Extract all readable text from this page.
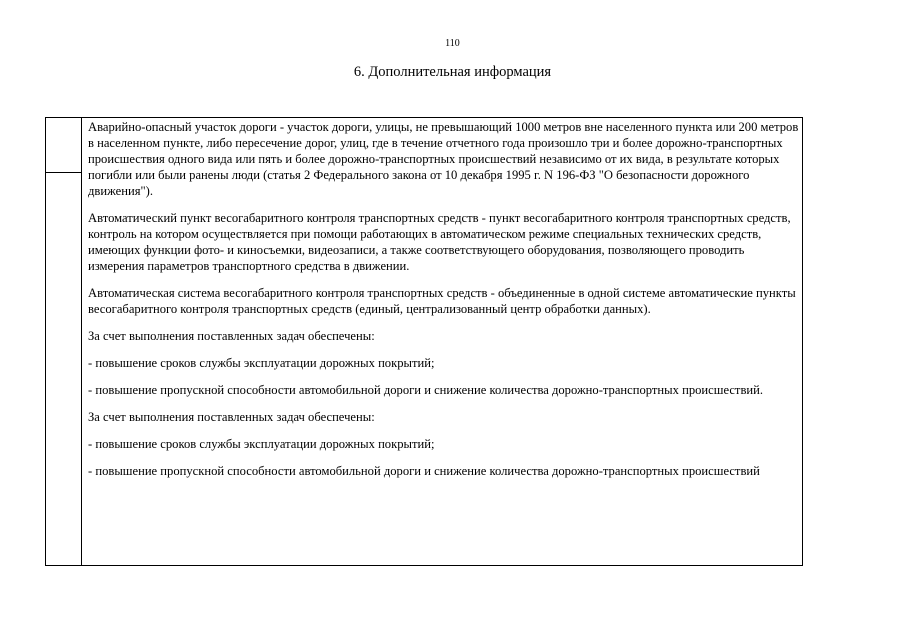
110
6. Дополнительная информация

Аварийно-опасный участок дороги - участок дороги, улицы, не превышающий 1000 метров вне населенного пункта или 200 метров в населенном пункте, либо пересечение дорог, улиц, где в течение отчетного года произошло три и более дорожно-транспортных происшествия одного вида или пять и более дорожно-транспортных происшествий независимо от их вида, в результате которых погибли или были ранены люди (статья 2 Федерального закона от 10 декабря 1995 г. N 196-ФЗ "О безопасности дорожного движения").

Автоматический пункт весогабаритного контроля транспортных средств - пункт весогабаритного контроля транспортных средств, контроль на котором осуществляется при помощи работающих в автоматическом режиме специальных технических средств, имеющих функции фото- и киносъемки, видеозаписи, а также соответствующего оборудования, позволяющего проводить измерения параметров транспортного средства в движении.

Автоматическая система весогабаритного контроля транспортных средств - объединенные в одной системе автоматические пункты весогабаритного контроля транспортных средств (единый, централизованный центр обработки данных).

За счет выполнения поставленных задач обеспечены:

- повышение сроков службы эксплуатации дорожных покрытий;

- повышение пропускной способности автомобильной дороги и снижение количества дорожно-транспортных происшествий.

За счет выполнения поставленных задач обеспечены:

- повышение сроков службы эксплуатации дорожных покрытий;

- повышение пропускной способности автомобильной дороги и снижение количества дорожно-транспортных происшествий
